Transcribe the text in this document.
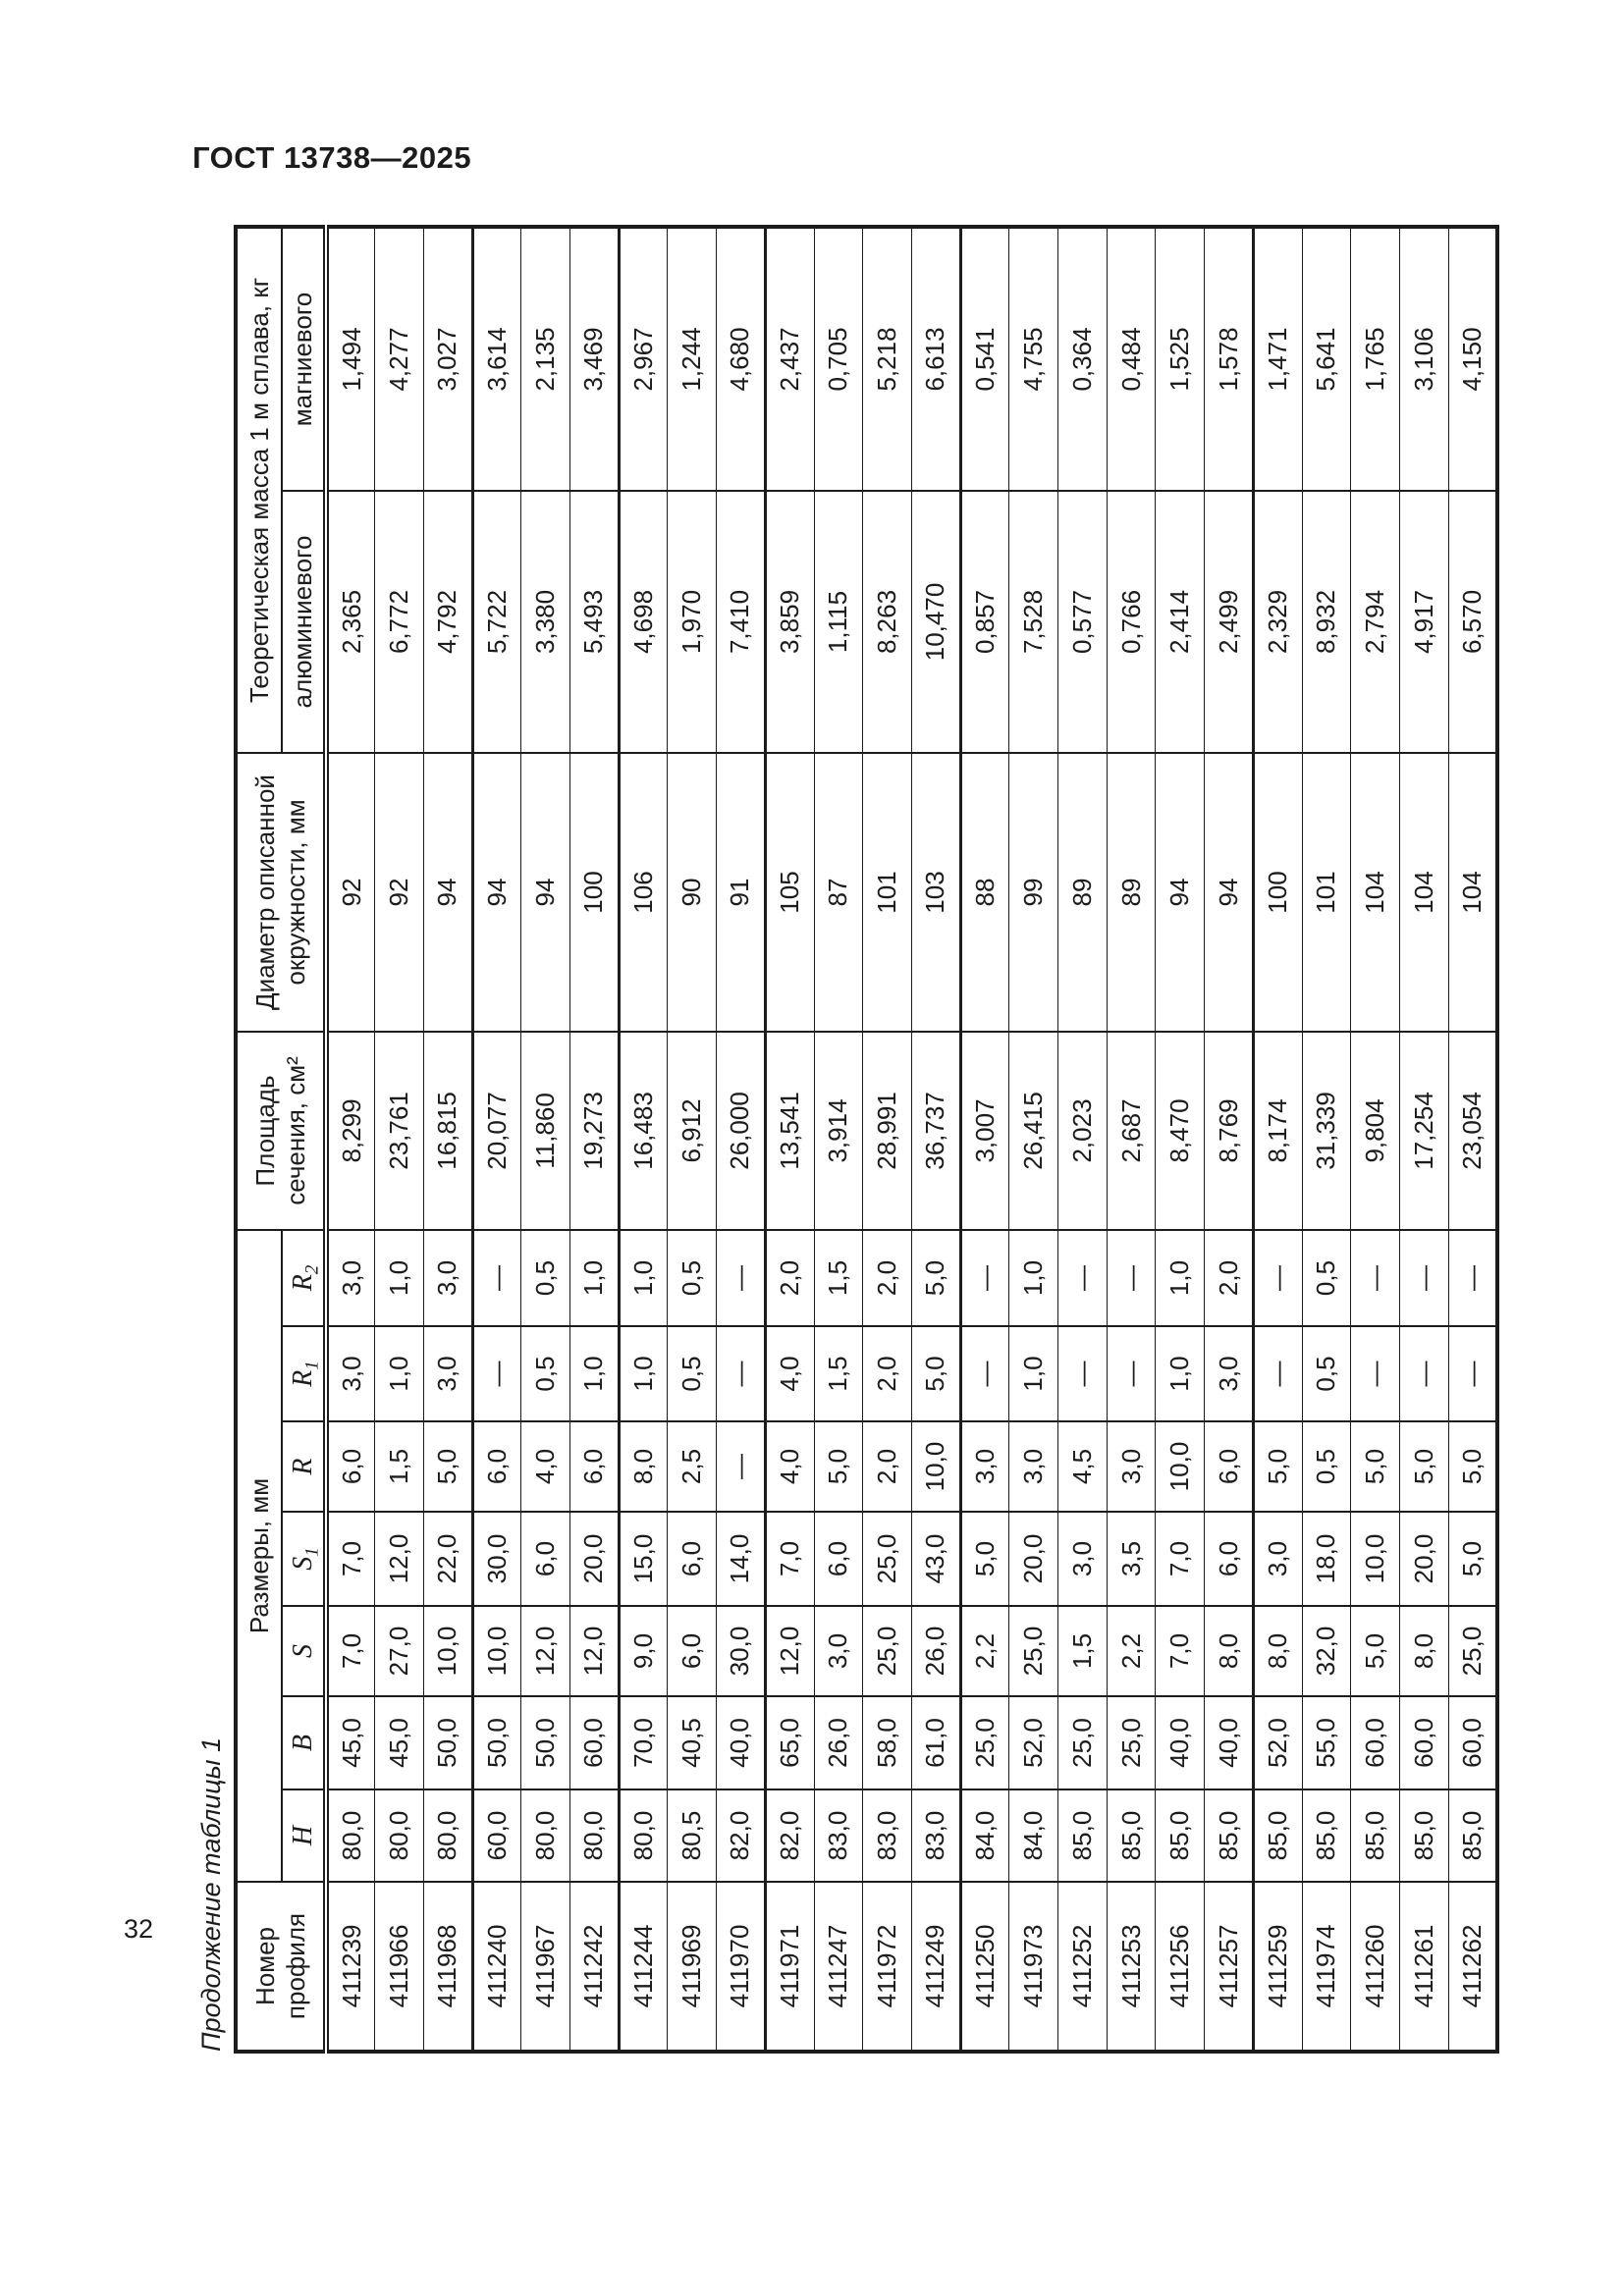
ГОСТ 13738—2025
Продолжение таблицы 1 Номер профиля	Размеры, мм							Площадь
сечения, см²	Диаметр описанной окружности, мм	Теоретическая масса 1 м сплава, кг	
	H	B	S	$S_1$	R	$R_1$	$R_2$			алюминиевого	магниевого
411239	80,0	45,0	7,0	7,0	6,0	3,0	3,0	8,299	92	2,365	1,494
411966	80,0	45,0	27,0	12,0	1,5	1,0	1,0	23,761	92	6,772	4,277
411968	80,0	50,0	10,0	22,0	5,0	3,0	3,0	16,815	94	4,792	3,027
411240	60,0	50,0	10,0	30,0	6,0	—	—	20,077	94	5,722	3,614
411967	80,0	50,0	12,0	6,0	4,0	0,5	0,5	11,860	94	3,380	2,135
411242	80,0	60,0	12,0	20,0	6,0	1,0	1,0	19,273	100	5,493	3,469
411244	80,0	70,0	9,0	15,0	8,0	1,0	1,0	16,483	106	4,698	2,967
411969	80,5	40,5	6,0	6,0	2,5	0,5	0,5	6,912	90	1,970	1,244
411970	82,0	40,0	30,0	14,0	—	—	—	26,000	91	7,410	4,680
411971	82,0	65,0	12,0	7,0	4,0	4,0	2,0	13,541	105	3,859	2,437
411247	83,0	26,0	3,0	6,0	5,0	1,5	1,5	3,914	87	1,115	0,705
411972	83,0	58,0	25,0	25,0	2,0	2,0	2,0	28,991	101	8,263	5,218
411249	83,0	61,0	26,0	43,0	10,0	5,0	5,0	36,737	103	10,470	6,613
411250	84,0	25,0	2,2	5,0	3,0	—	—	3,007	88	0,857	0,541
411973	84,0	52,0	25,0	20,0	3,0	1,0	1,0	26,415	99	7,528	4,755
411252	85,0	25,0	1,5	3,0	4,5	—	—	2,023	89	0,577	0,364
411253	85,0	25,0	2,2	3,5	3,0	—	—	2,687	89	0,766	0,484
411256	85,0	40,0	7,0	7,0	10,0	1,0	1,0	8,470	94	2,414	1,525
411257	85,0	40,0	8,0	6,0	6,0	3,0	2,0	8,769	94	2,499	1,578
411259	85,0	52,0	8,0	3,0	5,0	—	—	8,174	100	2,329	1,471
411974	85,0	55,0	32,0	18,0	0,5	0,5	0,5	31,339	101	8,932	5,641
411260	85,0	60,0	5,0	10,0	5,0	—	—	9,804	104	2,794	1,765
411261	85,0	60,0	8,0	20,0	5,0	—	—	17,254	104	4,917	3,106
411262	85,0	60,0	25,0	5,0	5,0	—	—	23,054	104	6,570	4,150
32
